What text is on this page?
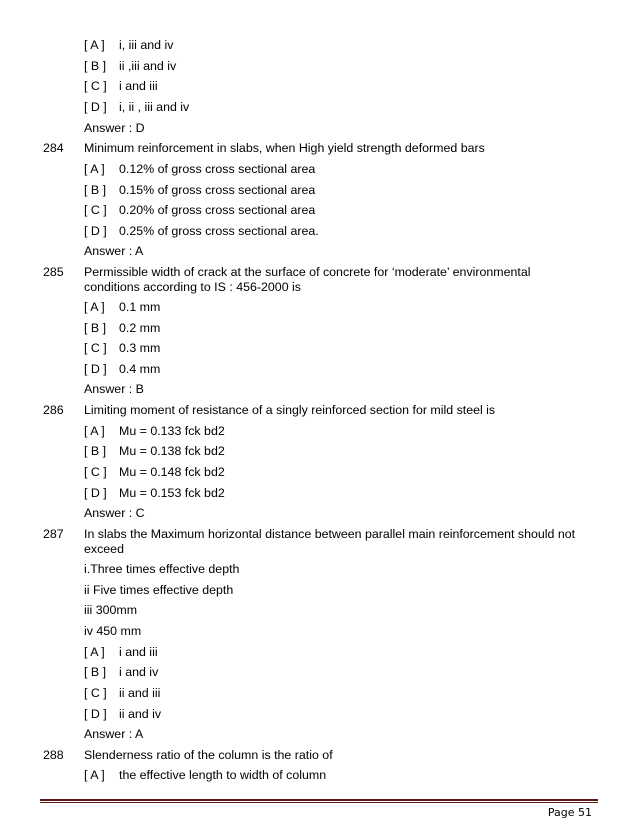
[ A ] i, iii and iv
[ B ] ii ,iii and iv
[ C ] i and iii
[ D ] i, ii , iii and iv
Answer : D
284 Minimum reinforcement in slabs, when High yield strength deformed bars
[ A ] 0.12% of gross cross sectional area
[ B ] 0.15% of gross cross sectional area
[ C ] 0.20% of gross cross sectional area
[ D ] 0.25% of gross cross sectional area.
Answer : A
285 Permissible width of crack at the surface of concrete for ‘moderate’ environmental
conditions according to IS : 456-2000 is
[ A ] 0.1 mm
[ B ] 0.2 mm
[ C ] 0.3 mm
[ D ] 0.4 mm
Answer : B
286 Limiting moment of resistance of a singly reinforced section for mild steel is
[ A ] Mu = 0.133 fck bd2
[ B ] Mu = 0.138 fck bd2
[ C ] Mu = 0.148 fck bd2
[ D ] Mu = 0.153 fck bd2
Answer : C
287 In slabs the Maximum horizontal distance between parallel main reinforcement should not
exceed
i.Three times effective depth
ii Five times effective depth
iii 300mm
iv 450 mm
[ A ] i and iii
[ B ] i and iv
[ C ] ii and iii
[ D ] ii and iv
Answer : A
288 Slenderness ratio of the column is the ratio of
[ A ] the effective length to width of column
Page 51
